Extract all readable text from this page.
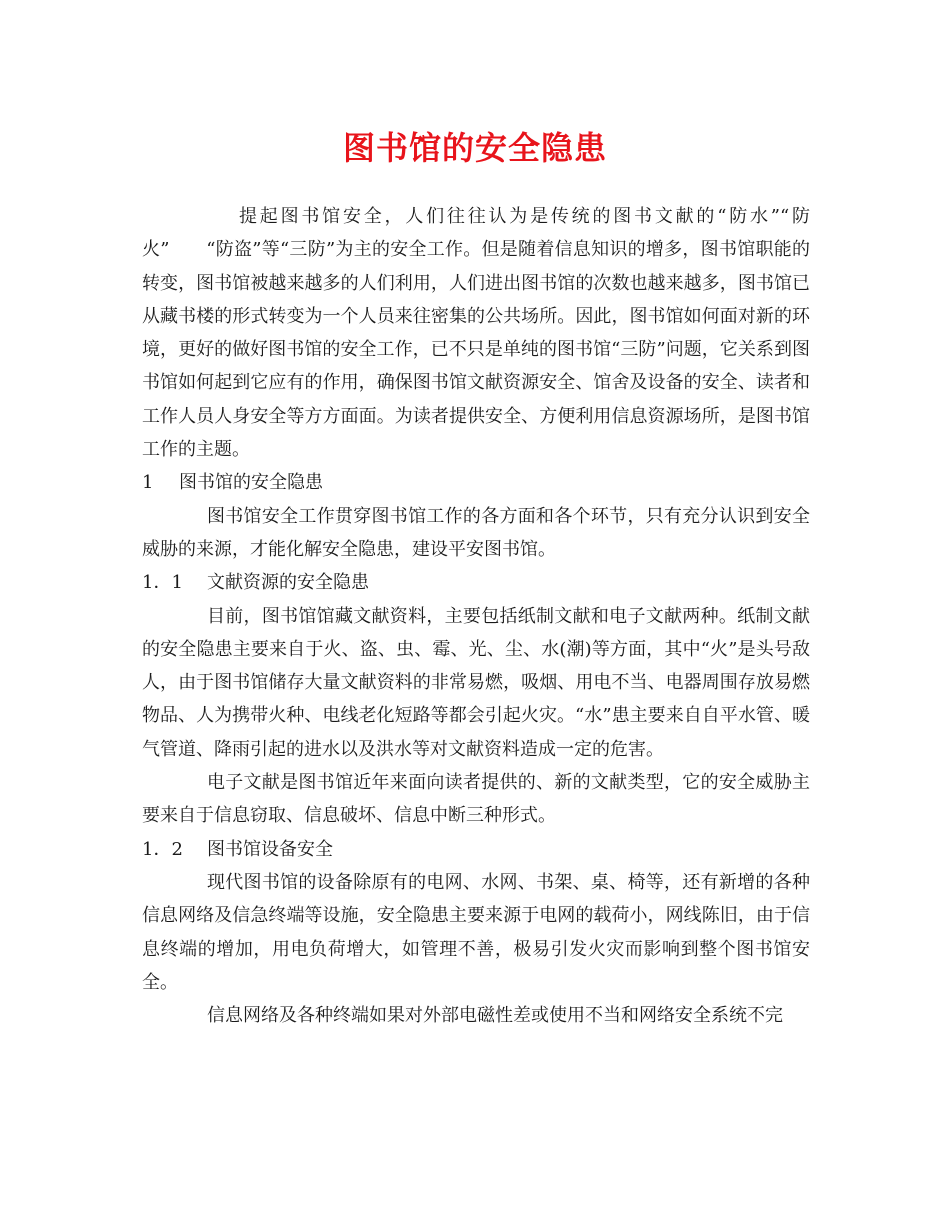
图书馆的安全隐患

提起图书馆安全，人们往往认为是传统的图书文献的“防水”“防火”　　“防盗”等“三防”为主的安全工作。但是随着信息知识的增多，图书馆职能的转变，图书馆被越来越多的人们利用，人们进出图书馆的次数也越来越多，图书馆已从藏书楼的形式转变为一个人员来往密集的公共场所。因此，图书馆如何面对新的环境，更好的做好图书馆的安全工作，已不只是单纯的图书馆“三防”问题，它关系到图书馆如何起到它应有的作用，确保图书馆文献资源安全、馆舍及设备的安全、读者和工作人员人身安全等方方面面。为读者提供安全、方便利用信息资源场所，是图书馆工作的主题。

1	图书馆的安全隐患

图书馆安全工作贯穿图书馆工作的各方面和各个环节，只有充分认识到安全威胁的来源，才能化解安全隐患，建设平安图书馆。

1．1	文献资源的安全隐患

目前，图书馆馆藏文献资料，主要包括纸制文献和电子文献两种。纸制文献的安全隐患主要来自于火、盗、虫、霉、光、尘、水(潮)等方面，其中“火”是头号敌人，由于图书馆储存大量文献资料的非常易燃，吸烟、用电不当、电器周围存放易燃物品、人为携带火种、电线老化短路等都会引起火灾。“水”患主要来自自平水管、暖气管道、降雨引起的进水以及洪水等对文献资料造成一定的危害。

电子文献是图书馆近年来面向读者提供的、新的文献类型，它的安全威胁主要来自于信息窃取、信息破坏、信息中断三种形式。

1．2	图书馆设备安全

现代图书馆的设备除原有的电网、水网、书架、桌、椅等，还有新增的各种信息网络及信急终端等设施，安全隐患主要来源于电网的载荷小，网线陈旧，由于信息终端的增加，用电负荷增大，如管理不善，极易引发火灾而影响到整个图书馆安全。

信息网络及各种终端如果对外部电磁性差或使用不当和网络安全系统不完
